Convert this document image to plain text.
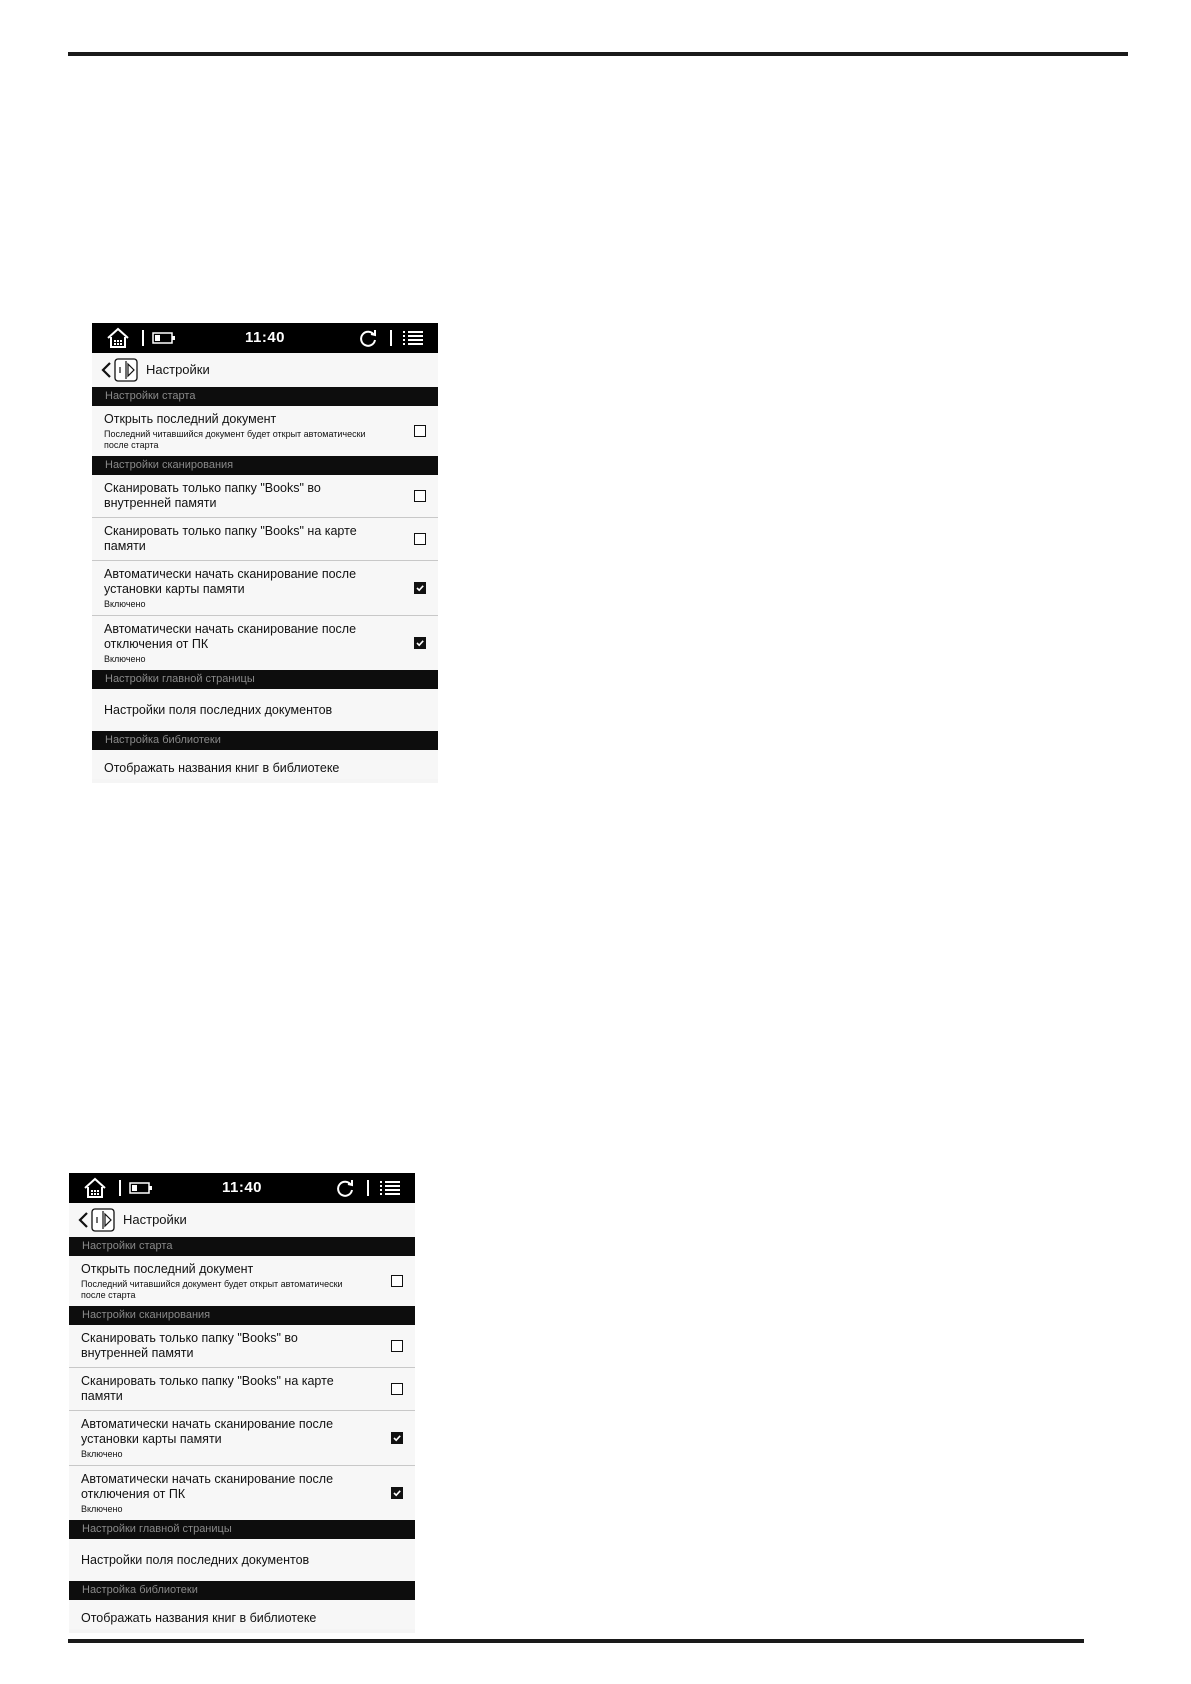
11:40
Настройки
Настройки старта
Открыть последний документ
Последний читавшийся документ будет открыт автоматически после старта
Настройки сканирования
Сканировать только папку "Books" во внутренней памяти
Сканировать только папку "Books" на карте памяти
Автоматически начать сканирование после установки карты памяти
Включено
Автоматически начать сканирование после отключения от ПК
Включено
Настройки главной страницы
Настройки поля последних документов
Настройка библиотеки
Отображать названия книг в библиотеке
11:40
Настройки
Настройки старта
Открыть последний документ
Последний читавшийся документ будет открыт автоматически после старта
Настройки сканирования
Сканировать только папку "Books" во внутренней памяти
Сканировать только папку "Books" на карте памяти
Автоматически начать сканирование после установки карты памяти
Включено
Автоматически начать сканирование после отключения от ПК
Включено
Настройки главной страницы
Настройки поля последних документов
Настройка библиотеки
Отображать названия книг в библиотеке
